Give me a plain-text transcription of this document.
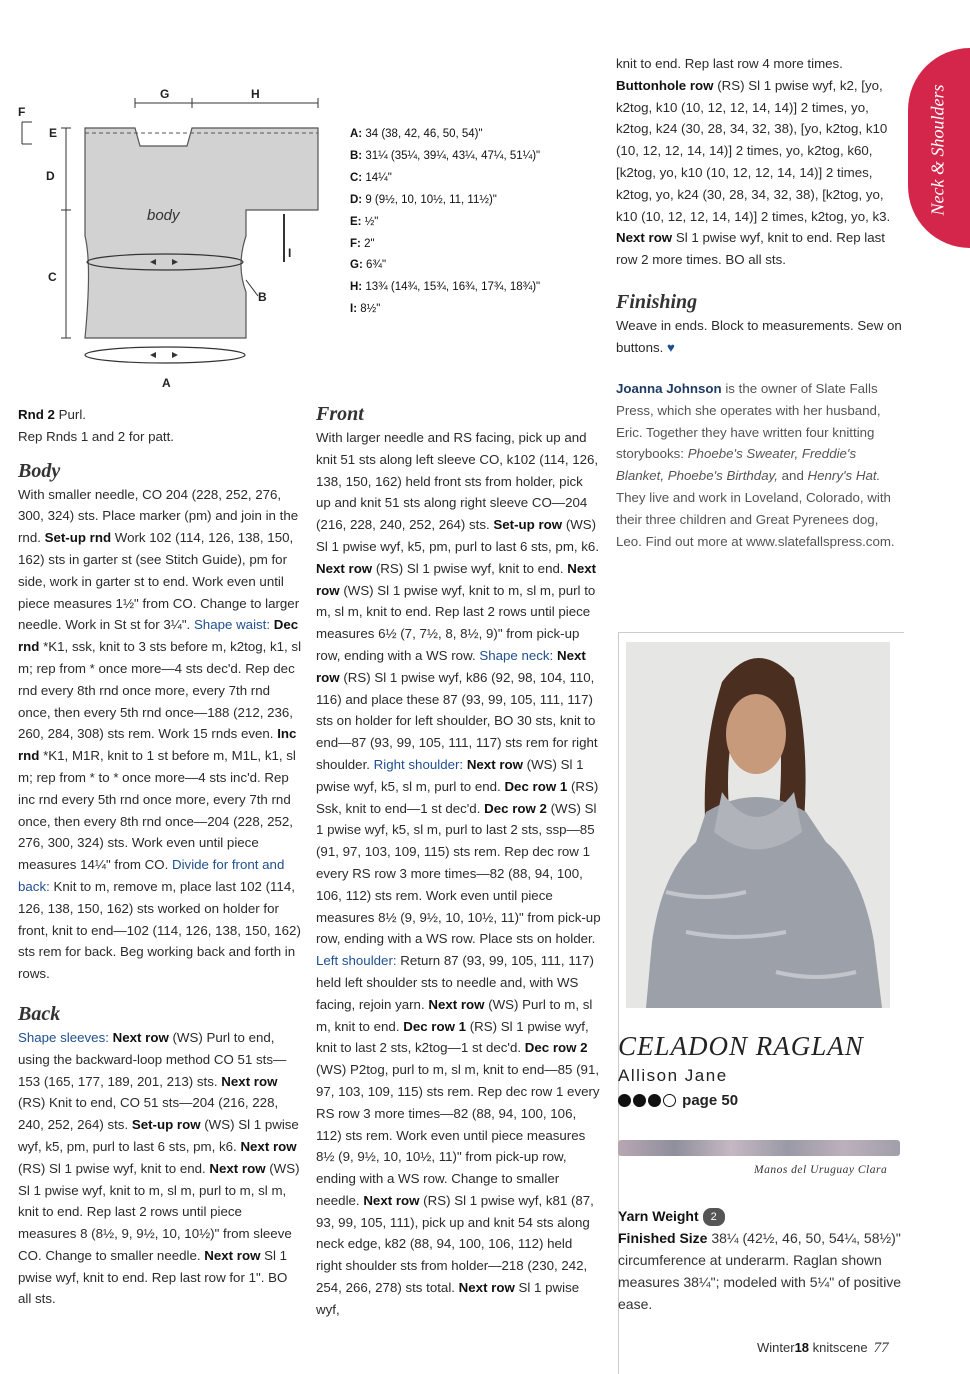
G	H
F
E
D
C
B
I
A
body
A: 34 (38, 42, 46, 50, 54)"
B: 31¼ (35¼, 39¼, 43¼, 47¼, 51¼)"
C: 14¼"
D: 9 (9½, 10, 10½, 11, 11½)"
E: ½"
F: 2"
G: 6¾"
H: 13¾ (14¾, 15¾, 16¾, 17¾, 18¾)"
I: 8½"
Neck & Shoulders

Rnd 2 Purl.

Rep Rnds 1 and 2 for patt.

Body

With smaller needle, CO 204 (228, 252, 276, 300, 324) sts. Place marker (pm) and join in the rnd. Set-up rnd Work 102 (114, 126, 138, 150, 162) sts in garter st (see Stitch Guide), pm for side, work in garter st to end. Work even until piece measures 1½" from CO. Change to larger needle. Work in St st for 3¼". Shape waist: Dec rnd *K1, ssk, knit to 3 sts before m, k2tog, k1, sl m; rep from * once more—4 sts dec'd. Rep dec rnd every 8th rnd once more, every 7th rnd once, then every 5th rnd once—188 (212, 236, 260, 284, 308) sts rem. Work 15 rnds even. Inc rnd *K1, M1R, knit to 1 st before m, M1L, k1, sl m; rep from * to * once more—4 sts inc'd. Rep inc rnd every 5th rnd once more, every 7th rnd once, then every 8th rnd once—204 (228, 252, 276, 300, 324) sts. Work even until piece measures 14¼" from CO. Divide for front and back: Knit to m, remove m, place last 102 (114, 126, 138, 150, 162) sts worked on holder for front, knit to end—102 (114, 126, 138, 150, 162) sts rem for back. Beg working back and forth in rows.

Back

Shape sleeves: Next row (WS) Purl to end, using the backward-loop method CO 51 sts—153 (165, 177, 189, 201, 213) sts. Next row (RS) Knit to end, CO 51 sts—204 (216, 228, 240, 252, 264) sts. Set-up row (WS) Sl 1 pwise wyf, k5, pm, purl to last 6 sts, pm, k6. Next row (RS) Sl 1 pwise wyf, knit to end. Next row (WS) Sl 1 pwise wyf, knit to m, sl m, purl to m, sl m, knit to end. Rep last 2 rows until piece measures 8 (8½, 9, 9½, 10, 10½)" from sleeve CO. Change to smaller needle. Next row Sl 1 pwise wyf, knit to end. Rep last row for 1". BO all sts.

Front

With larger needle and RS facing, pick up and knit 51 sts along left sleeve CO, k102 (114, 126, 138, 150, 162) held front sts from holder, pick up and knit 51 sts along right sleeve CO—204 (216, 228, 240, 252, 264) sts. Set-up row (WS) Sl 1 pwise wyf, k5, pm, purl to last 6 sts, pm, k6. Next row (RS) Sl 1 pwise wyf, knit to end. Next row (WS) Sl 1 pwise wyf, knit to m, sl m, purl to m, sl m, knit to end. Rep last 2 rows until piece measures 6½ (7, 7½, 8, 8½, 9)" from pick-up row, ending with a WS row. Shape neck: Next row (RS) Sl 1 pwise wyf, k86 (92, 98, 104, 110, 116) and place these 87 (93, 99, 105, 111, 117) sts on holder for left shoulder, BO 30 sts, knit to end—87 (93, 99, 105, 111, 117) sts rem for right shoulder. Right shoulder: Next row (WS) Sl 1 pwise wyf, k5, sl m, purl to end. Dec row 1 (RS) Ssk, knit to end—1 st dec'd. Dec row 2 (WS) Sl 1 pwise wyf, k5, sl m, purl to last 2 sts, ssp—85 (91, 97, 103, 109, 115) sts rem. Rep dec row 1 every RS row 3 more times—82 (88, 94, 100, 106, 112) sts rem. Work even until piece measures 8½ (9, 9½, 10, 10½, 11)" from pick-up row, ending with a WS row. Place sts on holder. Left shoulder: Return 87 (93, 99, 105, 111, 117) held left shoulder sts to needle and, with WS facing, rejoin yarn. Next row (WS) Purl to m, sl m, knit to end. Dec row 1 (RS) Sl 1 pwise wyf, knit to last 2 sts, k2tog—1 st dec'd. Dec row 2 (WS) P2tog, purl to m, sl m, knit to end—85 (91, 97, 103, 109, 115) sts rem. Rep dec row 1 every RS row 3 more times—82 (88, 94, 100, 106, 112) sts rem. Work even until piece measures 8½ (9, 9½, 10, 10½, 11)" from pick-up row, ending with a WS row. Change to smaller needle. Next row (RS) Sl 1 pwise wyf, k81 (87, 93, 99, 105, 111), pick up and knit 54 sts along neck edge, k82 (88, 94, 100, 106, 112) held right shoulder sts from holder—218 (230, 242, 254, 266, 278) sts total. Next row Sl 1 pwise wyf,

knit to end. Rep last row 4 more times. Buttonhole row (RS) Sl 1 pwise wyf, k2, [yo, k2tog, k10 (10, 12, 12, 14, 14)] 2 times, yo, k2tog, k24 (30, 28, 34, 32, 38), [yo, k2tog, k10 (10, 12, 12, 14, 14)] 2 times, yo, k2tog, k60, [k2tog, yo, k10 (10, 12, 12, 14, 14)] 2 times, k2tog, yo, k24 (30, 28, 34, 32, 38), [k2tog, yo, k10 (10, 12, 12, 14, 14)] 2 times, k2tog, yo, k3. Next row Sl 1 pwise wyf, knit to end. Rep last row 2 more times. BO all sts.

Finishing

Weave in ends. Block to measurements. Sew on buttons. ♥

Joanna Johnson is the owner of Slate Falls Press, which she operates with her husband, Eric. Together they have written four knitting storybooks: Phoebe's Sweater, Freddie's Blanket, Phoebe's Birthday, and Henry's Hat. They live and work in Loveland, Colorado, with their three children and Great Pyrenees dog, Leo. Find out more at www.slatefallspress.com.
CELADON RAGLAN
Allison Jane
page 50
Manos del Uruguay Clara
Yarn Weight 2
Finished Size 38¼ (42½, 46, 50, 54¼, 58½)" circumference at underarm. Raglan shown measures 38¼"; modeled with 5¼" of positive ease.
Winter18 knitscene 77
